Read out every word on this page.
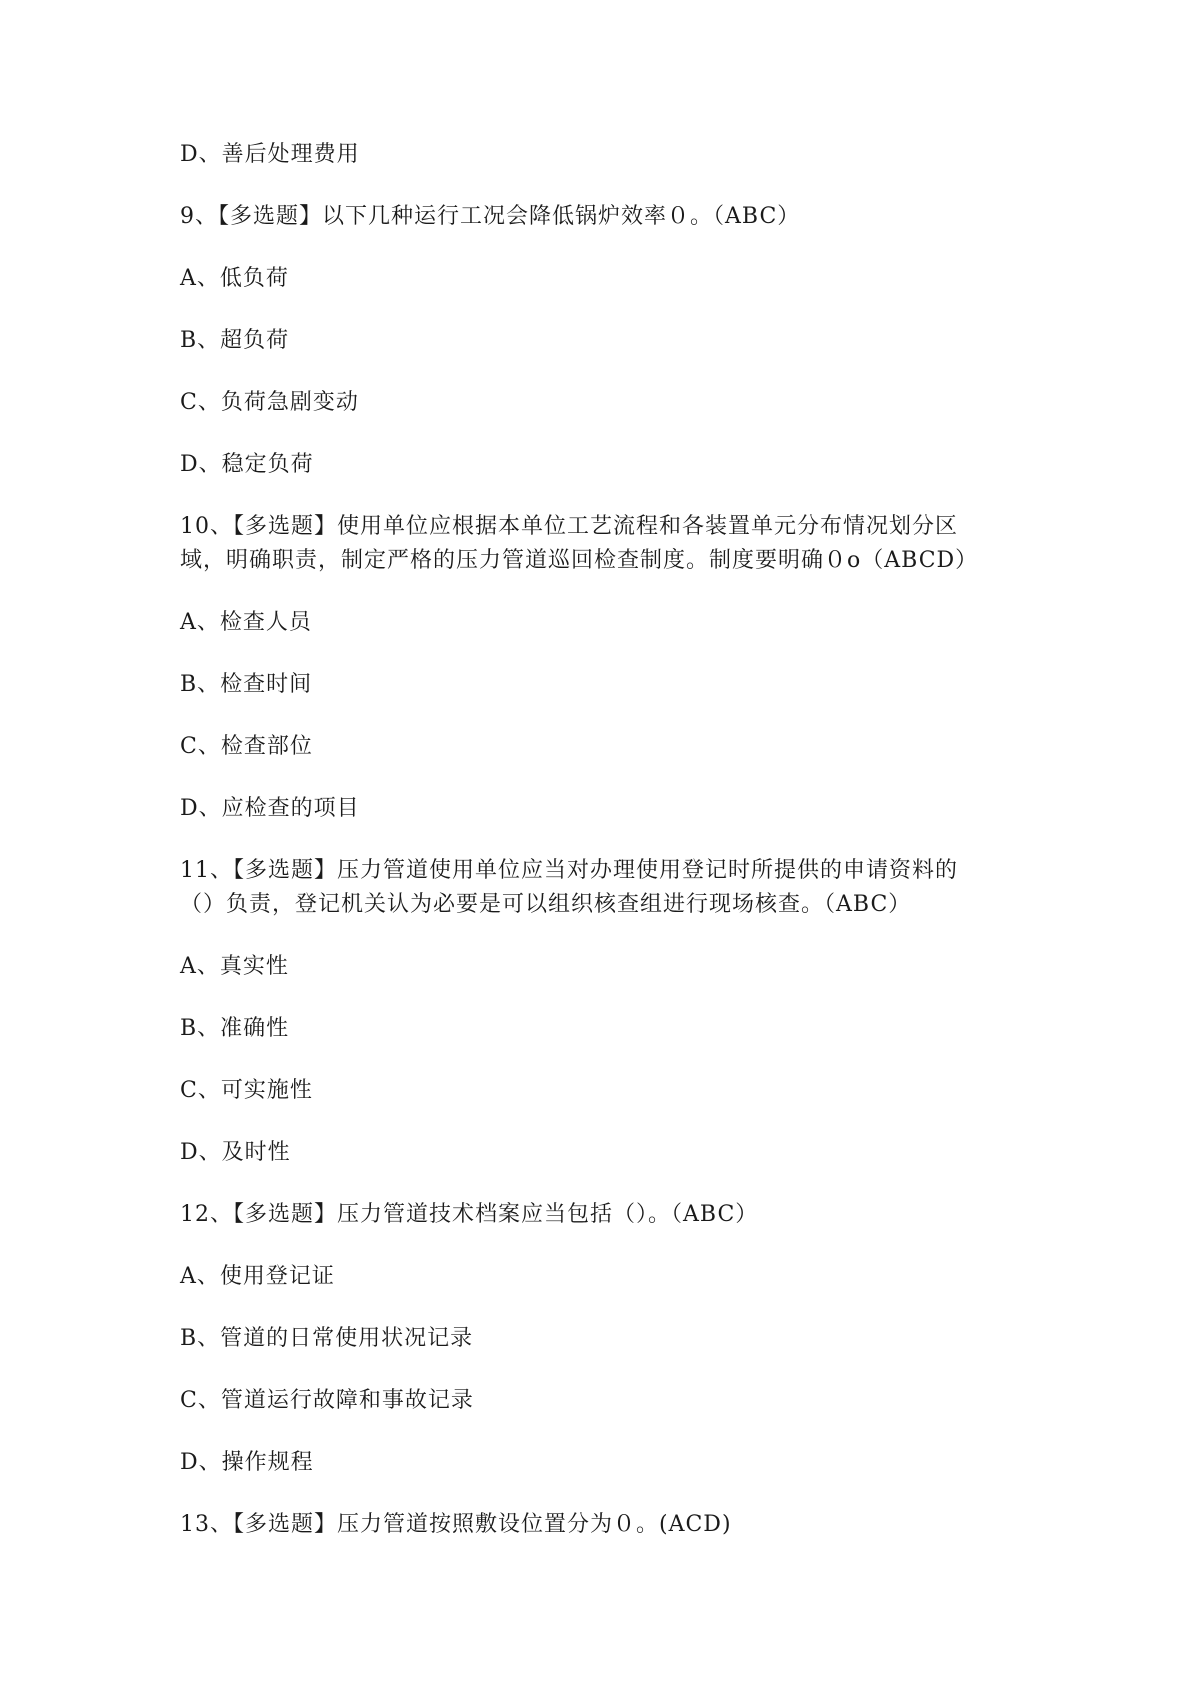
D、善后处理费用
9、【多选题】以下几种运行工况会降低锅炉效率０。（ABC）
A、低负荷
B、超负荷
C、负荷急剧变动
D、稳定负荷
10、【多选题】使用单位应根据本单位工艺流程和各装置单元分布情况划分区
域，明确职责，制定严格的压力管道巡回检查制度。制度要明确０o（ABCD）
A、检查人员
B、检查时间
C、检查部位
D、应检查的项目
11、【多选题】压力管道使用单位应当对办理使用登记时所提供的申请资料的
（）负责，登记机关认为必要是可以组织核查组进行现场核查。（ABC）
A、真实性
B、准确性
C、可实施性
D、及时性
12、【多选题】压力管道技术档案应当包括（）。（ABC）
A、使用登记证
B、管道的日常使用状况记录
C、管道运行故障和事故记录
D、操作规程
13、【多选题】压力管道按照敷设位置分为０。(ACD)
